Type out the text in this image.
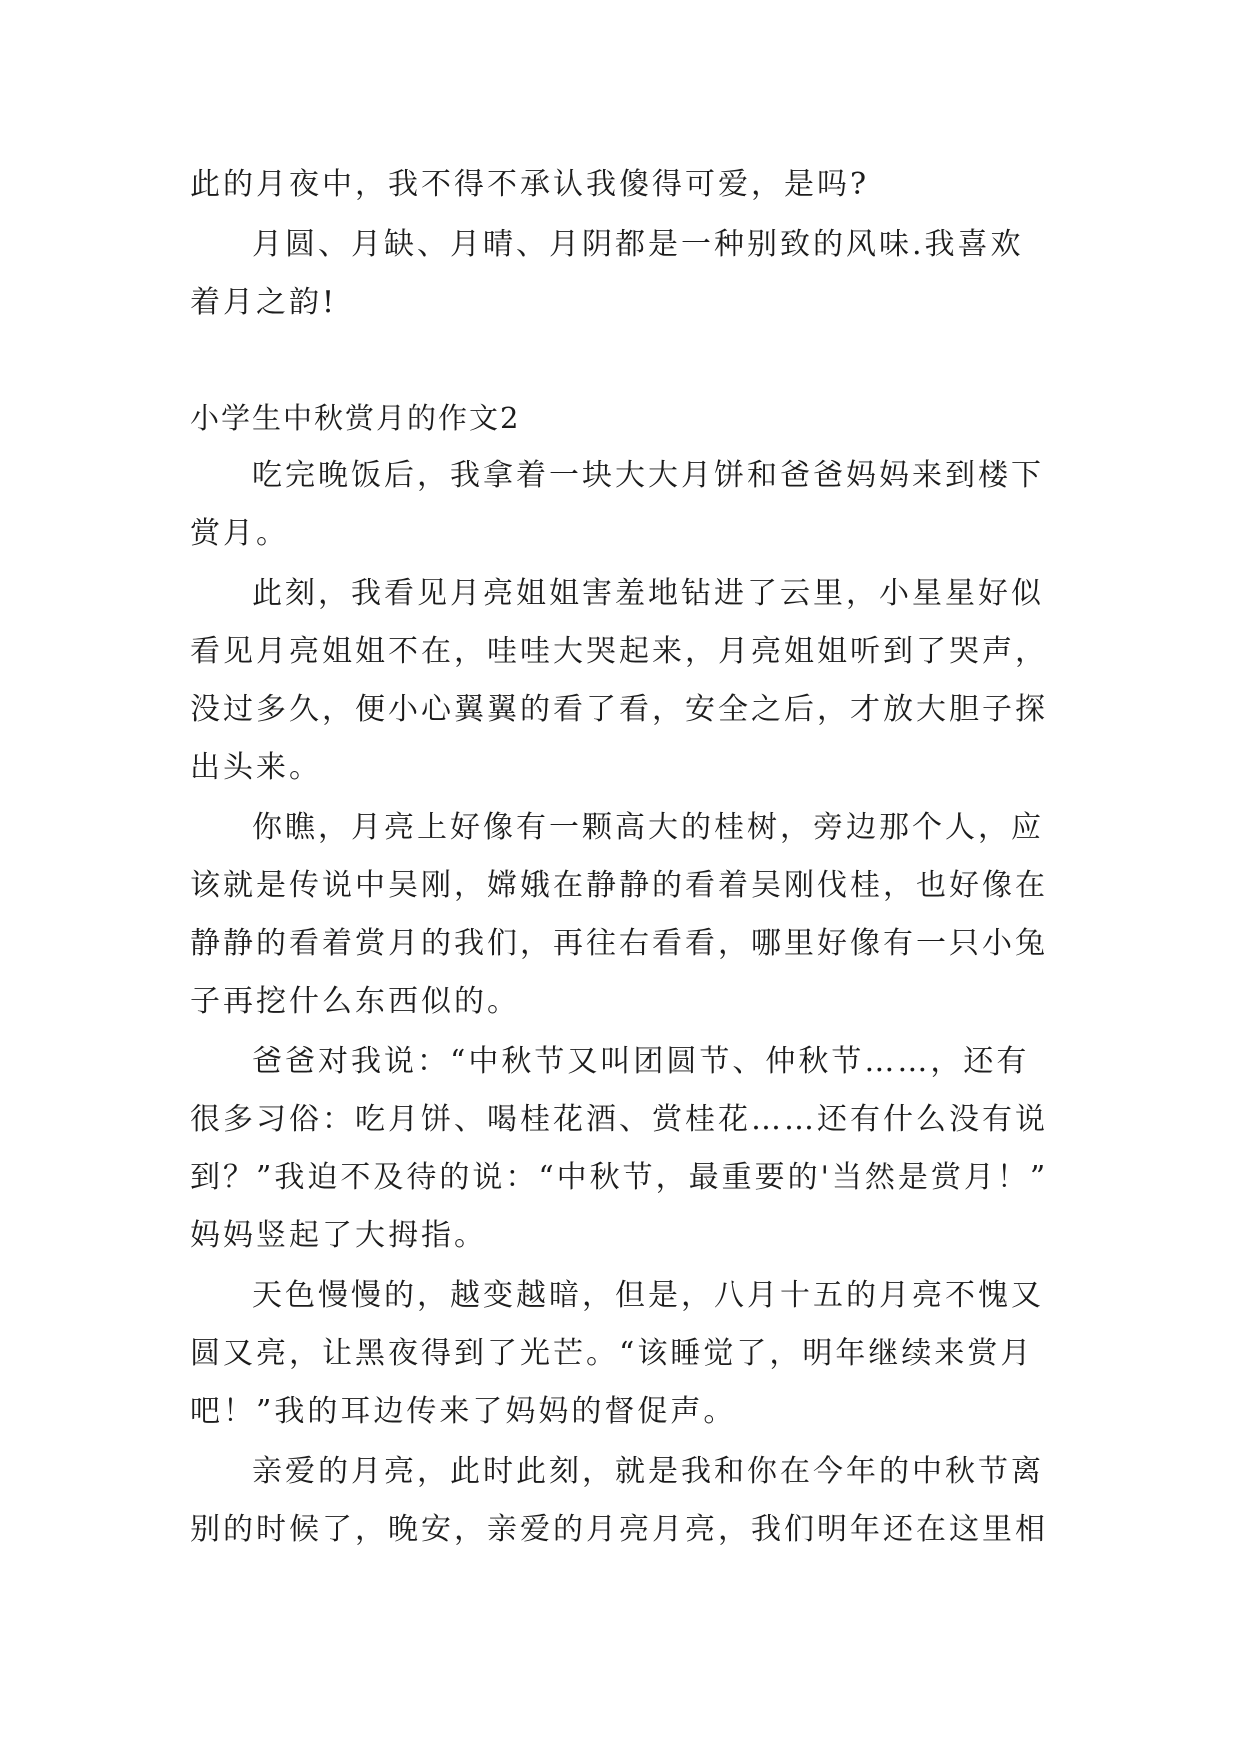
此的月夜中，我不得不承认我傻得可爱，是吗?
月圆、月缺、月晴、月阴都是一种别致的风味.我喜欢
着月之韵!
小学生中秋赏月的作文2
吃完晚饭后，我拿着一块大大月饼和爸爸妈妈来到楼下
赏月。
此刻，我看见月亮姐姐害羞地钻进了云里，小星星好似
看见月亮姐姐不在，哇哇大哭起来，月亮姐姐听到了哭声，
没过多久，便小心翼翼的看了看，安全之后，才放大胆子探
出头来。
你瞧，月亮上好像有一颗高大的桂树，旁边那个人，应
该就是传说中吴刚，嫦娥在静静的看着吴刚伐桂，也好像在
静静的看着赏月的我们，再往右看看，哪里好像有一只小兔
子再挖什么东西似的。
爸爸对我说：“中秋节又叫团圆节、仲秋节……，还有
很多习俗：吃月饼、喝桂花酒、赏桂花……还有什么没有说
到？”我迫不及待的说：“中秋节，最重要的'当然是赏月！”
妈妈竖起了大拇指。
天色慢慢的，越变越暗，但是，八月十五的月亮不愧又
圆又亮，让黑夜得到了光芒。“该睡觉了，明年继续来赏月
吧！”我的耳边传来了妈妈的督促声。
亲爱的月亮，此时此刻，就是我和你在今年的中秋节离
别的时候了，晚安，亲爱的月亮月亮，我们明年还在这里相
